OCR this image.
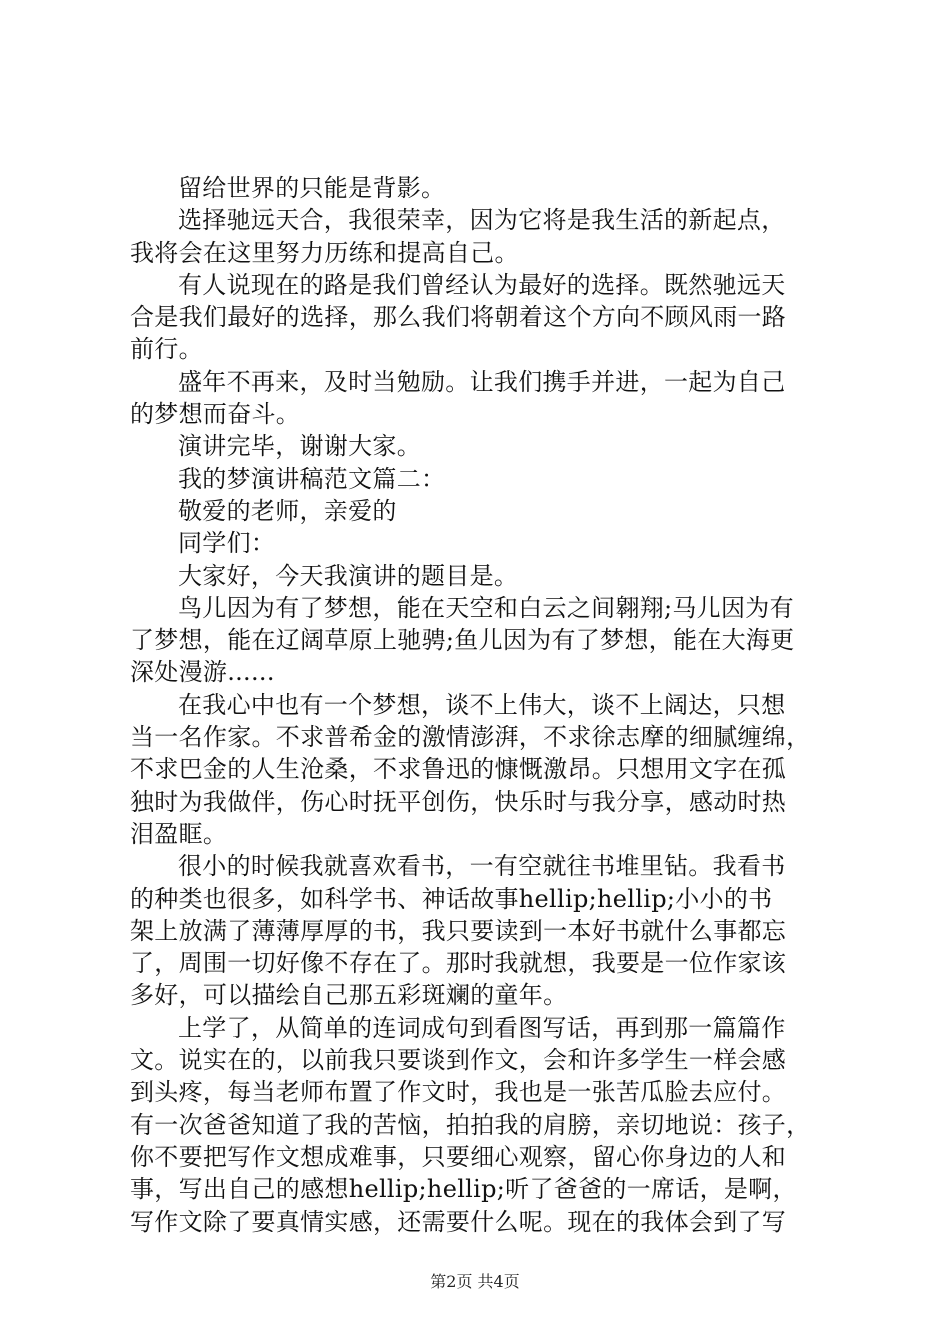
留给世界的只能是背影。
选择驰远天合，我很荣幸，因为它将是我生活的新起点，
我将会在这里努力历练和提高自己。
有人说现在的路是我们曾经认为最好的选择。既然驰远天
合是我们最好的选择，那么我们将朝着这个方向不顾风雨一路
前行。
盛年不再来，及时当勉励。让我们携手并进，一起为自己
的梦想而奋斗。
演讲完毕，谢谢大家。
我的梦演讲稿范文篇二：
敬爱的老师，亲爱的
同学们：
大家好，今天我演讲的题目是。
鸟儿因为有了梦想，能在天空和白云之间翱翔;马儿因为有
了梦想，能在辽阔草原上驰骋;鱼儿因为有了梦想，能在大海更
深处漫游......
在我心中也有一个梦想，谈不上伟大，谈不上阔达，只想
当一名作家。不求普希金的激情澎湃，不求徐志摩的细腻缠绵，
不求巴金的人生沧桑，不求鲁迅的慷慨激昂。只想用文字在孤
独时为我做伴，伤心时抚平创伤，快乐时与我分享，感动时热
泪盈眶。
很小的时候我就喜欢看书，一有空就往书堆里钻。我看书
的种类也很多，如科学书、神话故事hellip;hellip;小小的书
架上放满了薄薄厚厚的书，我只要读到一本好书就什么事都忘
了，周围一切好像不存在了。那时我就想，我要是一位作家该
多好，可以描绘自己那五彩斑斓的童年。
上学了，从简单的连词成句到看图写话，再到那一篇篇作
文。说实在的，以前我只要谈到作文，会和许多学生一样会感
到头疼，每当老师布置了作文时，我也是一张苦瓜脸去应付。
有一次爸爸知道了我的苦恼，拍拍我的肩膀，亲切地说：孩子，
你不要把写作文想成难事，只要细心观察，留心你身边的人和
事，写出自己的感想hellip;hellip;听了爸爸的一席话，是啊，
写作文除了要真情实感，还需要什么呢。现在的我体会到了写
第2页 共4页
